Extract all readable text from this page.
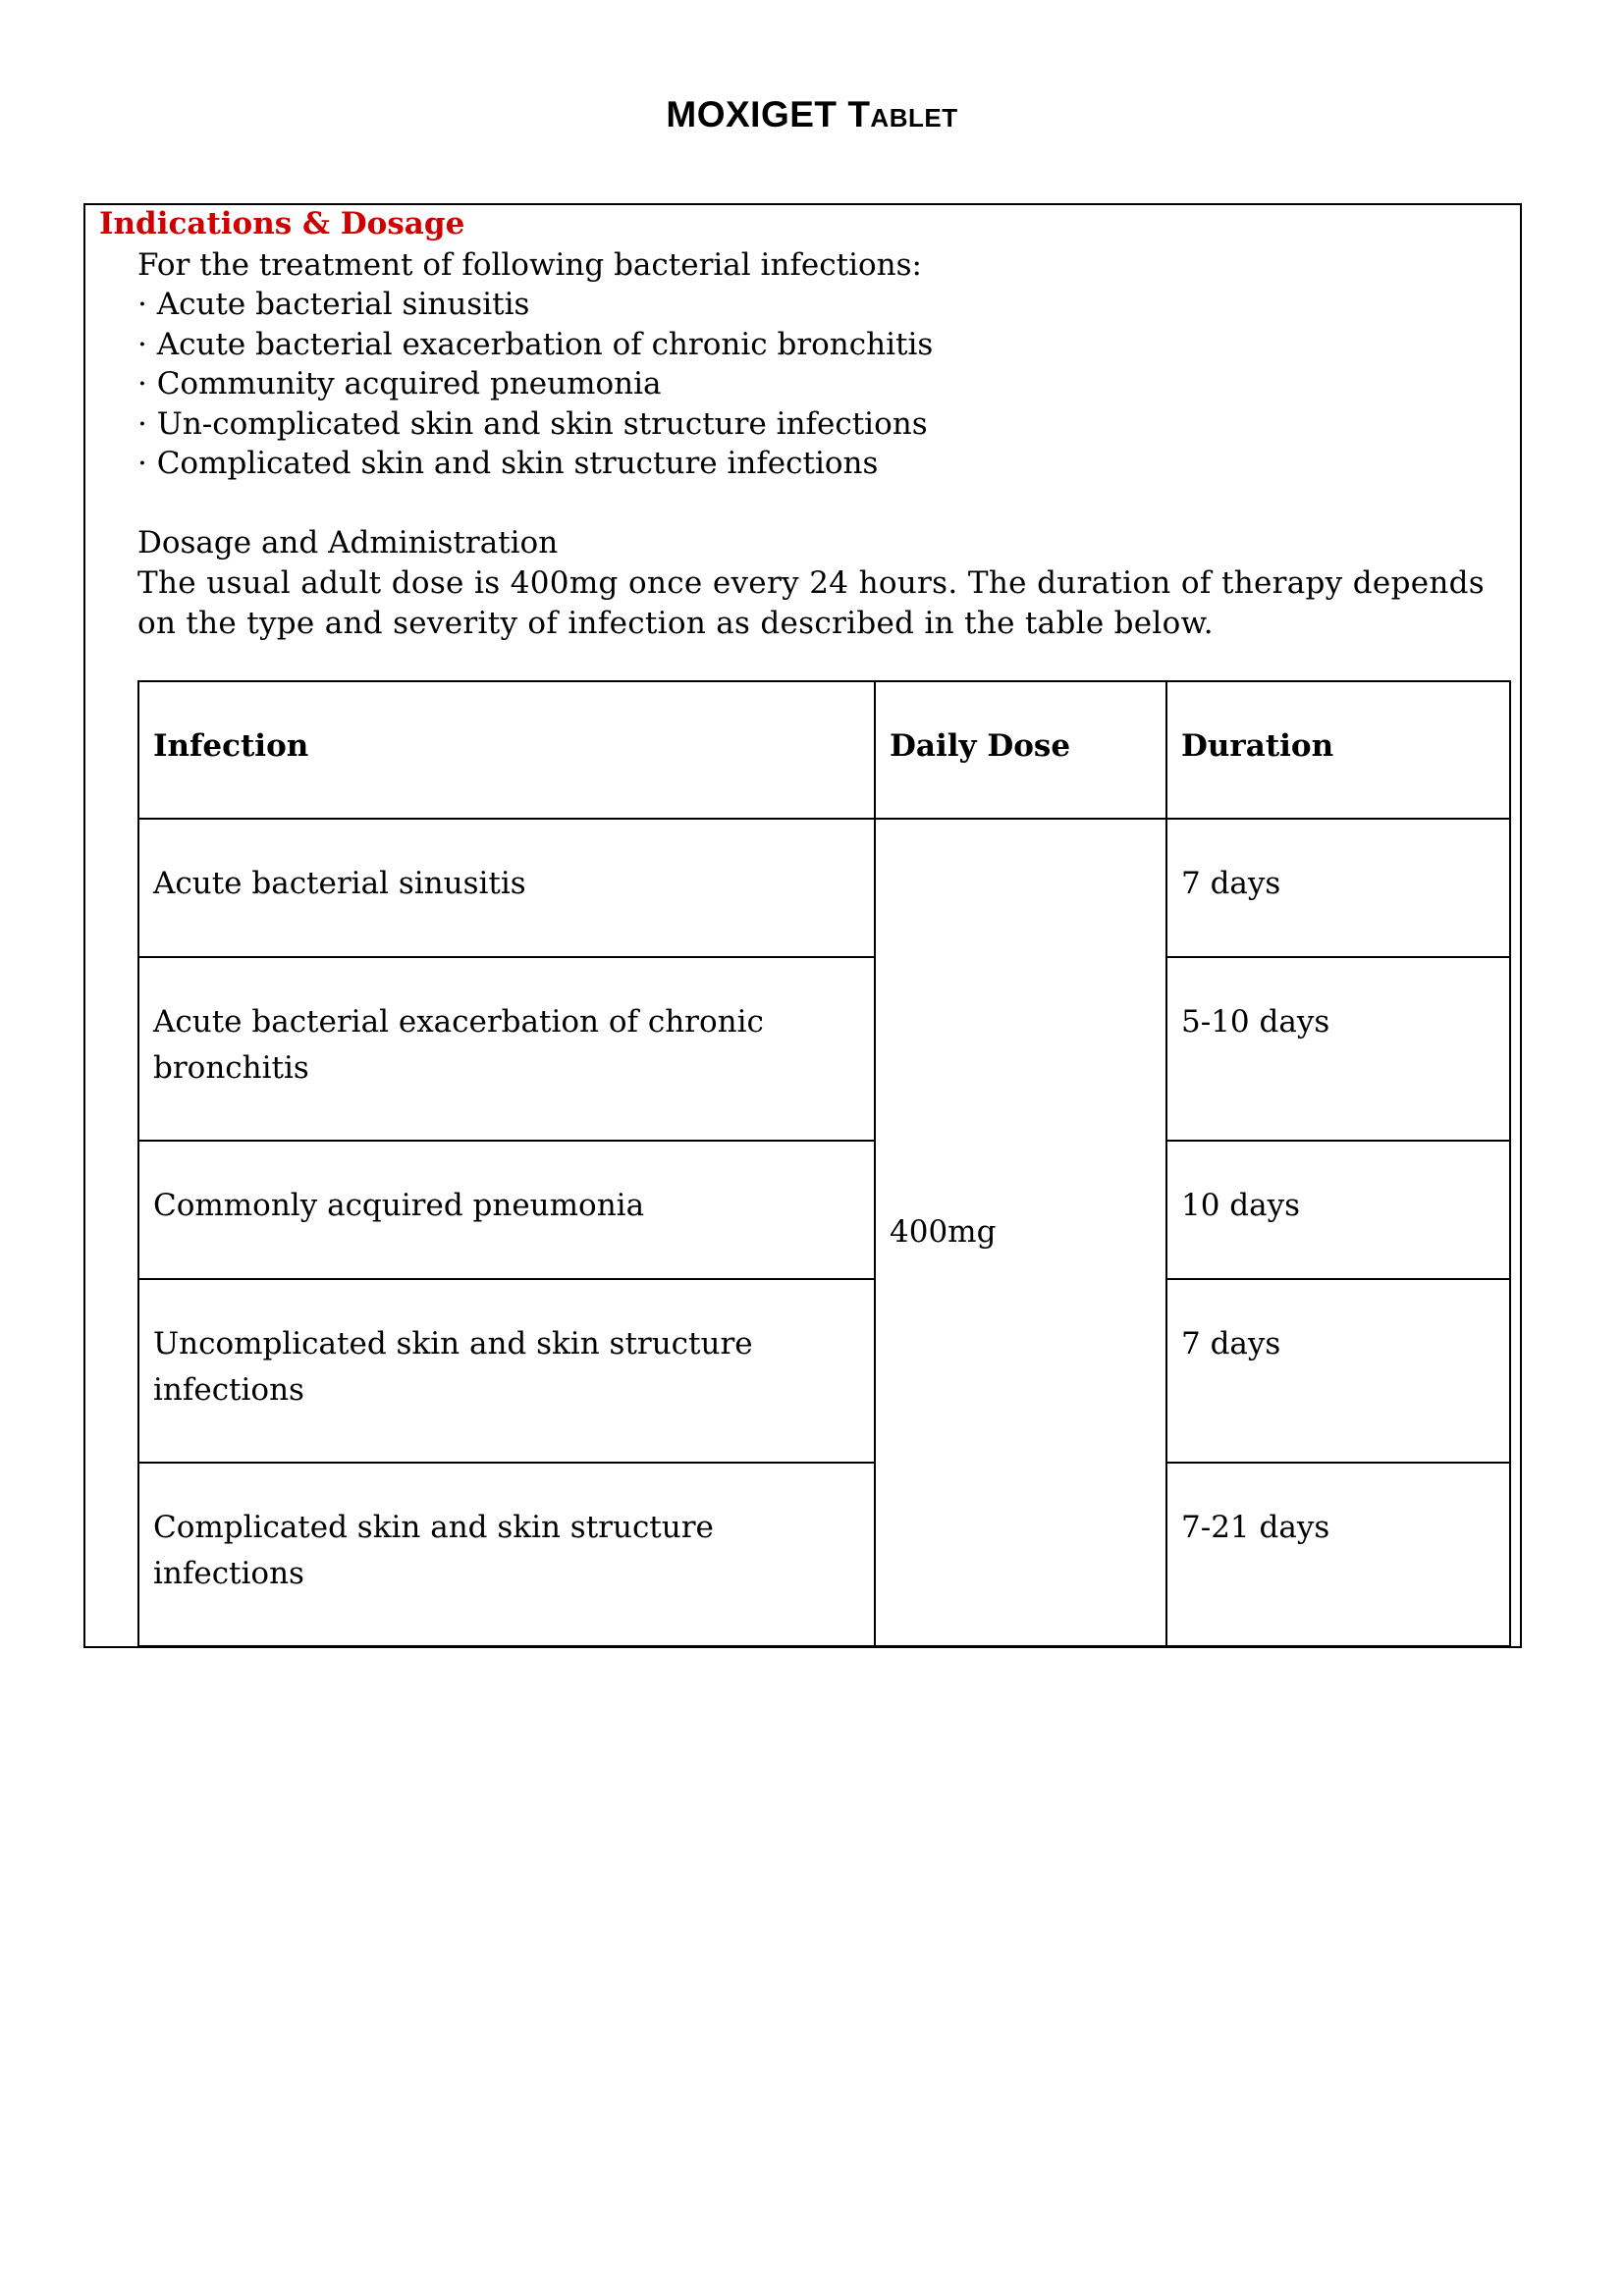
MOXIGET Tablet
Indications & Dosage
For the treatment of following bacterial infections:
· Acute bacterial sinusitis
· Acute bacterial exacerbation of chronic bronchitis
· Community acquired pneumonia
· Un-complicated skin and skin structure infections
· Complicated skin and skin structure infections
Dosage and Administration
The usual adult dose is 400mg once every 24 hours. The duration of therapy depends on the type and severity of infection as described in the table below.
Infection	Daily Dose	Duration
Acute bacterial sinusitis	400mg	7 days
Acute bacterial exacerbation of chronic bronchitis		5-10 days
Commonly acquired pneumonia		10 days
Uncomplicated skin and skin structure infections		7 days
Complicated skin and skin structure infections		7-21 days
